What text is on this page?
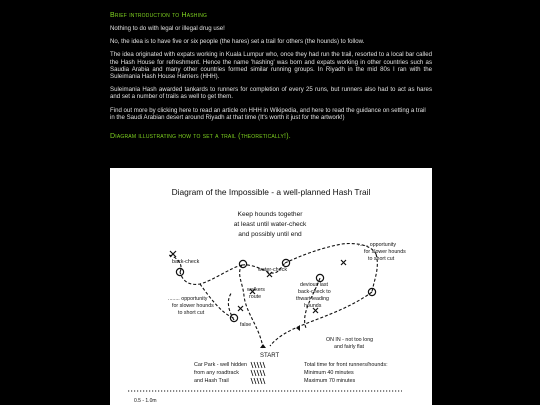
Brief introduction to Hashing

Nothing to do with legal or illegal drug use!

No, the idea is to have five or six people (the hares) set a trail for others (the hounds) to follow.

The idea originated with expats working in Kuala Lumpur who, once they had run the trail, resorted to a local bar called the Hash House for refreshment. Hence the name 'hashing' was born and expats working in other countries such as Saudia Arabia and many other countries formed similar running groups. In Riyadh in the mid 80s I ran with the Suleimania Hash House Harriers (HHH).

Suleimania Hash awarded tankards to runners for completion of every 25 runs, but runners also had to act as hares and set a number of trails as well to get them.

Find out more by clicking here to read an article on HHH in Wikipedia, and here to read the guidance on setting a trail in the Saudi Arabian desert around Riyadh at that time (It's worth it just for the artwork!)

Diagram illustrating how to set a trail (theoretically!).
Diagram of the Impossible - a well-planned Hash Trail
Keep hounds together
at least until water-check
and possibly until end
back-check
water-check
....... opportunity
for slower hounds
to short cut
devious last
back-check to
thwart leading
hounds
walkers
route
........ opportunity
for slower hounds
to short cut
false
ON IN - not too long
and fairly flat
START
Car Park - well hidden
from any roadtrack
and Hash Trail
Total time for front runners/hounds:
Minimum 40 minutes
Maximum 70 minutes
0.5 - 1.0m
